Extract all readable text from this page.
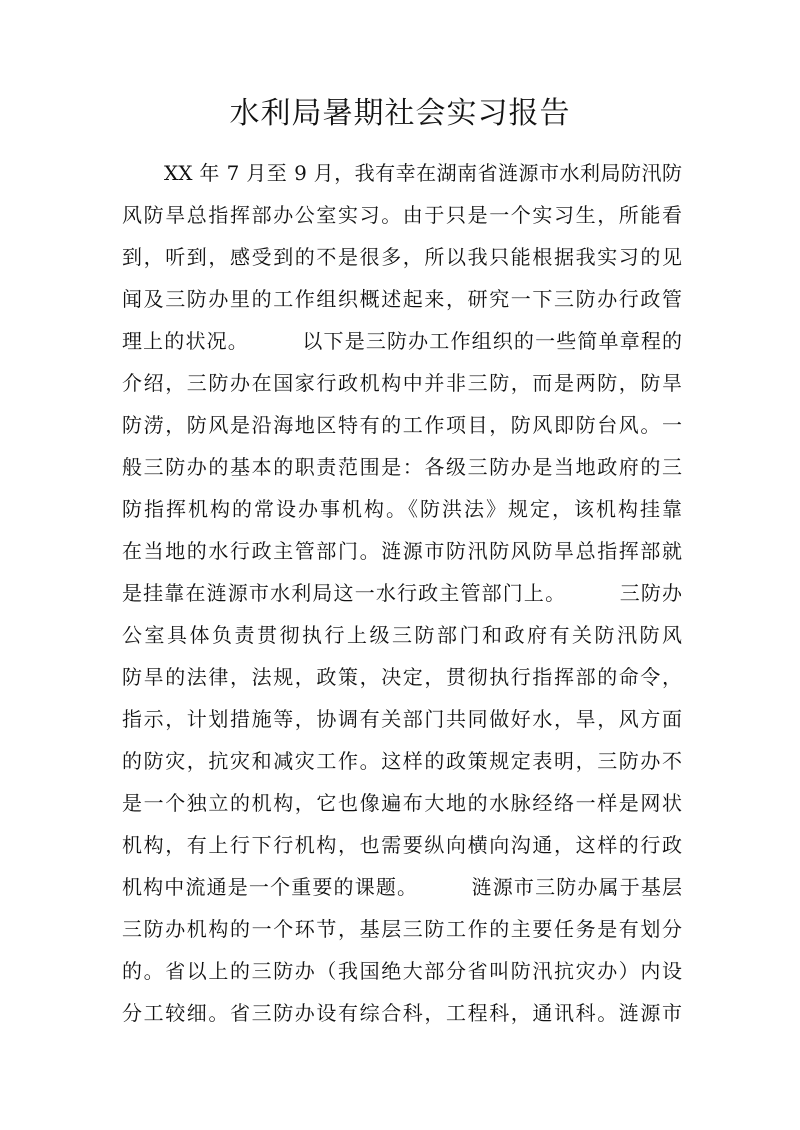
水利局暑期社会实习报告
XX 年 7 月至 9 月，我有幸在湖南省涟源市水利局防汛防
风防旱总指挥部办公室实习。由于只是一个实习生，所能看
到，听到，感受到的不是很多，所以我只能根据我实习的见
闻及三防办里的工作组织概述起来，研究一下三防办行政管
理上的状况。　　　以下是三防办工作组织的一些简单章程的
介绍，三防办在国家行政机构中并非三防，而是两防，防旱
防涝，防风是沿海地区特有的工作项目，防风即防台风。一
般三防办的基本的职责范围是：各级三防办是当地政府的三
防指挥机构的常设办事机构。《防洪法》规定，该机构挂靠
在当地的水行政主管部门。涟源市防汛防风防旱总指挥部就
是挂靠在涟源市水利局这一水行政主管部门上。　　　三防办
公室具体负责贯彻执行上级三防部门和政府有关防汛防风
防旱的法律，法规，政策，决定，贯彻执行指挥部的命令，
指示，计划措施等，协调有关部门共同做好水，旱，风方面
的防灾，抗灾和减灾工作。这样的政策规定表明，三防办不
是一个独立的机构，它也像遍布大地的水脉经络一样是网状
机构，有上行下行机构，也需要纵向横向沟通，这样的行政
机构中流通是一个重要的课题。　　　涟源市三防办属于基层
三防办机构的一个环节，基层三防工作的主要任务是有划分
的。省以上的三防办（我国绝大部分省叫防汛抗灾办）内设
分工较细。省三防办设有综合科，工程科，通讯科。涟源市
